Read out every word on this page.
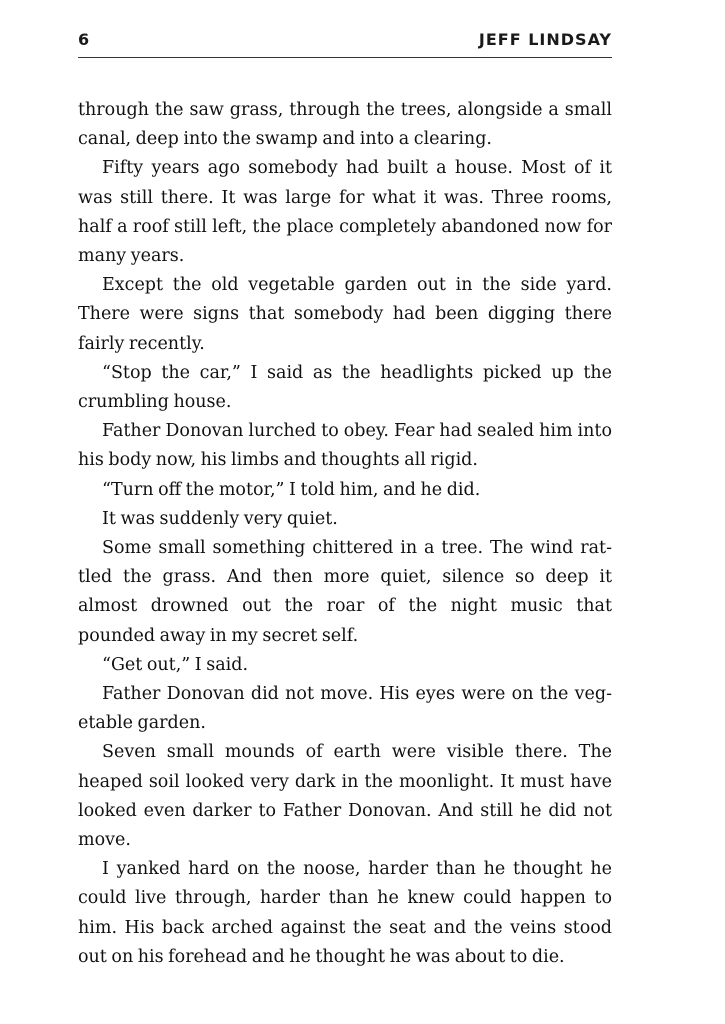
6	JEFF LINDSAY

through the saw grass, through the trees, alongside a small canal, deep into the swamp and into a clearing.

Fifty years ago somebody had built a house. Most of it was still there. It was large for what it was. Three rooms, half a roof still left, the place completely abandoned now for many years.

Except the old vegetable garden out in the side yard. There were signs that somebody had been digging there fairly recently.

“Stop the car,” I said as the headlights picked up the crumbling house.

Father Donovan lurched to obey. Fear had sealed him into his body now, his limbs and thoughts all rigid.

“Turn off the motor,” I told him, and he did.

It was suddenly very quiet.

Some small something chittered in a tree. The wind rattled the grass. And then more quiet, silence so deep it almost drowned out the roar of the night music that pounded away in my secret self.

“Get out,” I said.

Father Donovan did not move. His eyes were on the vegetable garden.

Seven small mounds of earth were visible there. The heaped soil looked very dark in the moonlight. It must have looked even darker to Father Donovan. And still he did not move.

I yanked hard on the noose, harder than he thought he could live through, harder than he knew could happen to him. His back arched against the seat and the veins stood out on his forehead and he thought he was about to die.
